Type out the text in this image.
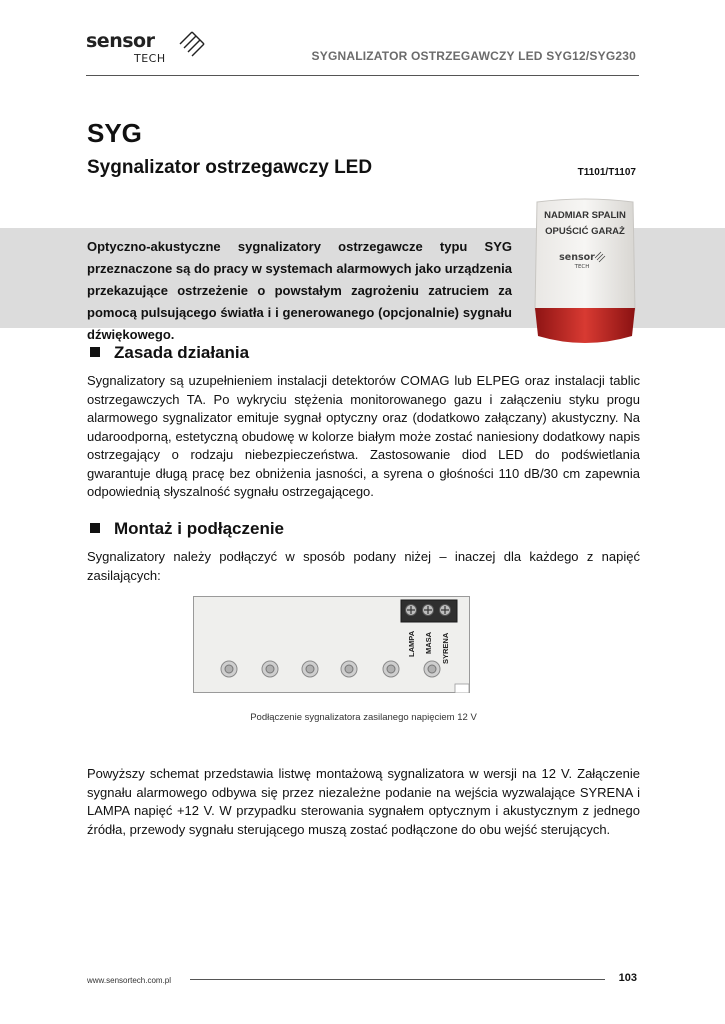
sensor
TECH	SYGNALIZATOR OSTRZEGAWCZY LED SYG12/SYG230
SYG
Sygnalizator ostrzegawczy LED	T1101/T1107
Optyczno-akustyczne sygnalizatory ostrzegawcze typu SYG przeznaczone są do pracy w systemach alarmowych jako urządzenia przekazujące ostrzeżenie o powstałym zagrożeniu zatruciem za pomocą pulsującego światła i i generowanego (opcjonalnie) sygnału dźwiękowego.
NADMIAR SPALIN
OPUŚCIĆ GARAŻ
sensor
TECH
Zasada działania
Sygnalizatory są uzupełnieniem instalacji detektorów COMAG lub ELPEG oraz instalacji tablic ostrzegawczych TA. Po wykryciu stężenia monitorowanego gazu i załączeniu styku progu alarmowego sygnalizator emituje sygnał optyczny oraz (dodatkowo załączany) akustyczny. Na udaroodporną, estetyczną obudowę w kolorze białym może zostać naniesiony dodatkowy napis ostrzegający o rodzaju niebezpieczeństwa. Zastosowanie diod LED do podświetlania gwarantuje długą pracę bez obniżenia jasności, a syrena o głośności 110 dB/30 cm zapewnia odpowiednią słyszalność sygnału ostrzegającego.
Montaż i podłączenie
Sygnalizatory należy podłączyć w sposób podany niżej – inaczej dla każdego z napięć zasilających:
LAMPA MASA SYRENA
Podłączenie sygnalizatora zasilanego napięciem 12 V
Powyższy schemat przedstawia listwę montażową sygnalizatora w wersji na 12 V. Załączenie sygnału alarmowego odbywa się przez niezależne podanie na wejścia wyzwalające SYRENA i LAMPA napięć +12 V. W przypadku sterowania sygnałem optycznym i akustycznym z jednego źródła, przewody sygnału sterującego muszą zostać podłączone do obu wejść sterujących.
www.sensortech.com.pl	103
